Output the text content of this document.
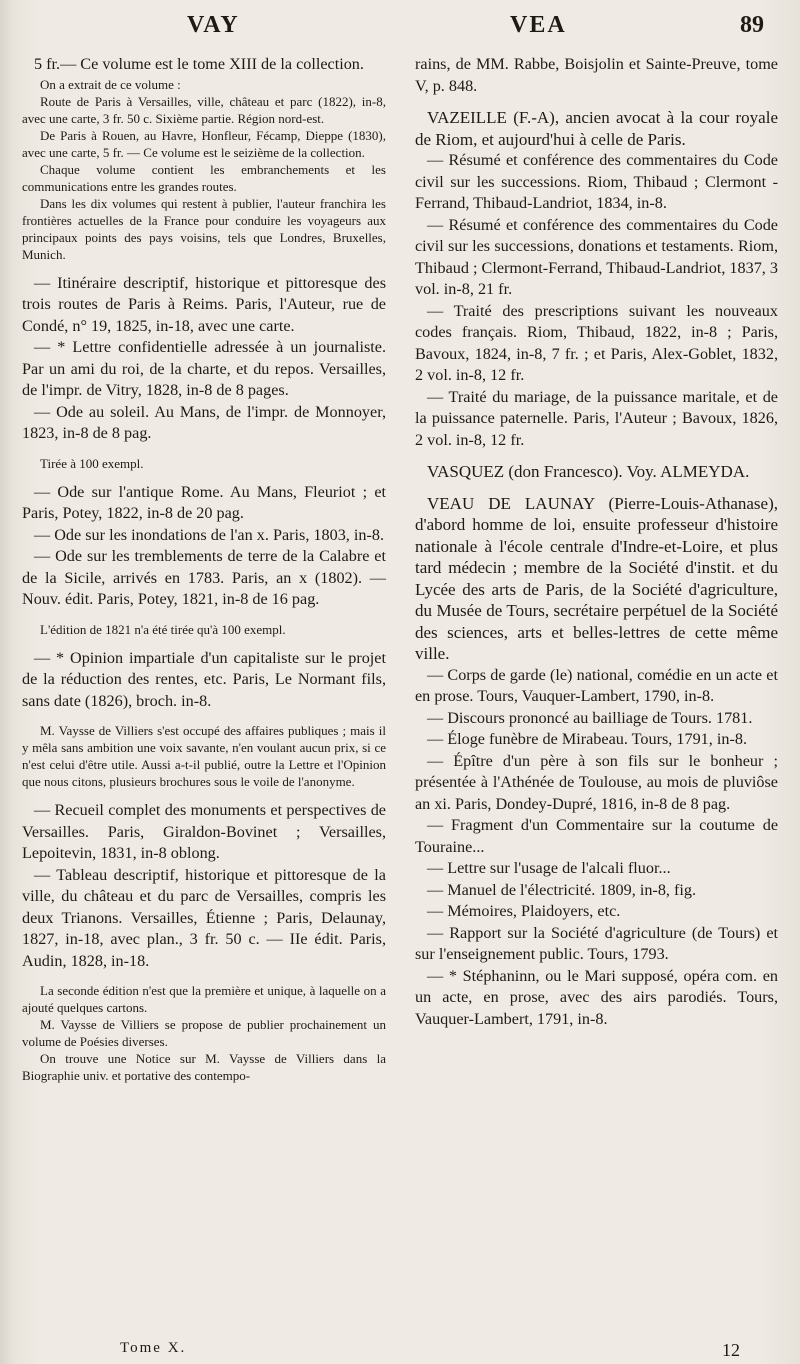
VAY	VEA	89

5 fr.— Ce volume est le tome XIII de la collection.

On a extrait de ce volume :

Route de Paris à Versailles, ville, château et parc (1822), in-8, avec une carte, 3 fr. 50 c. Sixième partie. Région nord-est.

De Paris à Rouen, au Havre, Honfleur, Fécamp, Dieppe (1830), avec une carte, 5 fr. — Ce volume est le seizième de la collection.

Chaque volume contient les embranchements et les communications entre les grandes routes.

Dans les dix volumes qui restent à publier, l'auteur franchira les frontières actuelles de la France pour conduire les voyageurs aux principaux points des pays voisins, tels que Londres, Bruxelles, Munich.

— Itinéraire descriptif, historique et pittoresque des trois routes de Paris à Reims. Paris, l'Auteur, rue de Condé, n° 19, 1825, in-18, avec une carte.

— * Lettre confidentielle adressée à un journaliste. Par un ami du roi, de la charte, et du repos. Versailles, de l'impr. de Vitry, 1828, in-8 de 8 pages.

— Ode au soleil. Au Mans, de l'impr. de Monnoyer, 1823, in-8 de 8 pag.

Tirée à 100 exempl.

— Ode sur l'antique Rome. Au Mans, Fleuriot ; et Paris, Potey, 1822, in-8 de 20 pag.

— Ode sur les inondations de l'an x. Paris, 1803, in-8.

— Ode sur les tremblements de terre de la Calabre et de la Sicile, arrivés en 1783. Paris, an x (1802). — Nouv. édit. Paris, Potey, 1821, in-8 de 16 pag.

L'édition de 1821 n'a été tirée qu'à 100 exempl.

— * Opinion impartiale d'un capitaliste sur le projet de la réduction des rentes, etc. Paris, Le Normant fils, sans date (1826), broch. in-8.

M. Vaysse de Villiers s'est occupé des affaires publiques ; mais il y mêla sans ambition une voix savante, n'en voulant aucun prix, si ce n'est celui d'être utile. Aussi a-t-il publié, outre la Lettre et l'Opinion que nous citons, plusieurs brochures sous le voile de l'anonyme.

— Recueil complet des monuments et perspectives de Versailles. Paris, Giraldon-Bovinet ; Versailles, Lepoitevin, 1831, in-8 oblong.

— Tableau descriptif, historique et pittoresque de la ville, du château et du parc de Versailles, compris les deux Trianons. Versailles, Étienne ; Paris, Delaunay, 1827, in-18, avec plan., 3 fr. 50 c. — IIe édit. Paris, Audin, 1828, in-18.

La seconde édition n'est que la première et unique, à laquelle on a ajouté quelques cartons.

M. Vaysse de Villiers se propose de publier prochainement un volume de Poésies diverses.

On trouve une Notice sur M. Vaysse de Villiers dans la Biographie univ. et portative des contempo-

rains, de MM. Rabbe, Boisjolin et Sainte-Preuve, tome V, p. 848.

VAZEILLE (F.-A), ancien avocat à la cour royale de Riom, et aujourd'hui à celle de Paris.

— Résumé et conférence des commentaires du Code civil sur les successions. Riom, Thibaud ; Clermont - Ferrand, Thibaud-Landriot, 1834, in-8.

— Résumé et conférence des commentaires du Code civil sur les successions, donations et testaments. Riom, Thibaud ; Clermont-Ferrand, Thibaud-Landriot, 1837, 3 vol. in-8, 21 fr.

— Traité des prescriptions suivant les nouveaux codes français. Riom, Thibaud, 1822, in-8 ; Paris, Bavoux, 1824, in-8, 7 fr. ; et Paris, Alex-Goblet, 1832, 2 vol. in-8, 12 fr.

— Traité du mariage, de la puissance maritale, et de la puissance paternelle. Paris, l'Auteur ; Bavoux, 1826, 2 vol. in-8, 12 fr.

VASQUEZ (don Francesco). Voy. ALMEYDA.

VEAU DE LAUNAY (Pierre-Louis-Athanase), d'abord homme de loi, ensuite professeur d'histoire nationale à l'école centrale d'Indre-et-Loire, et plus tard médecin ; membre de la Société d'instit. et du Lycée des arts de Paris, de la Société d'agriculture, du Musée de Tours, secrétaire perpétuel de la Société des sciences, arts et belles-lettres de cette même ville.

— Corps de garde (le) national, comédie en un acte et en prose. Tours, Vauquer-Lambert, 1790, in-8.

— Discours prononcé au bailliage de Tours. 1781.

— Éloge funèbre de Mirabeau. Tours, 1791, in-8.

— Épître d'un père à son fils sur le bonheur ; présentée à l'Athénée de Toulouse, au mois de pluviôse an xi. Paris, Dondey-Dupré, 1816, in-8 de 8 pag.

— Fragment d'un Commentaire sur la coutume de Touraine...

— Lettre sur l'usage de l'alcali fluor...

— Manuel de l'électricité. 1809, in-8, fig.

— Mémoires, Plaidoyers, etc.

— Rapport sur la Société d'agriculture (de Tours) et sur l'enseignement public. Tours, 1793.

— * Stéphaninn, ou le Mari supposé, opéra com. en un acte, en prose, avec des airs parodiés. Tours, Vauquer-Lambert, 1791, in-8.

Tome X.	12
